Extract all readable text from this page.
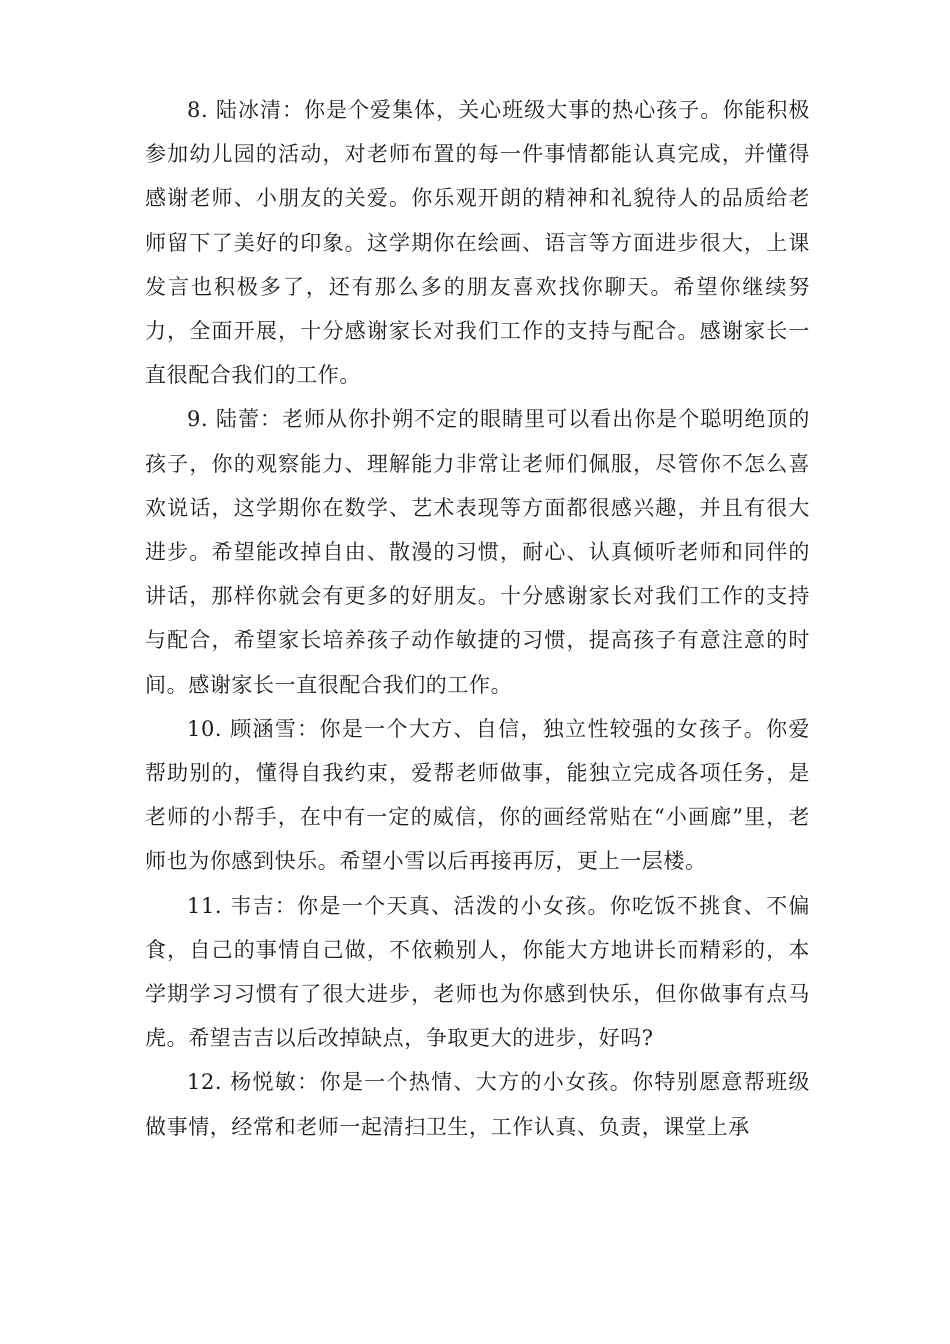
8. 陆冰清：你是个爱集体，关心班级大事的热心孩子。你能积极参加幼儿园的活动，对老师布置的每一件事情都能认真完成，并懂得感谢老师、小朋友的关爱。你乐观开朗的精神和礼貌待人的品质给老师留下了美好的印象。这学期你在绘画、语言等方面进步很大，上课发言也积极多了，还有那么多的朋友喜欢找你聊天。希望你继续努力，全面开展，十分感谢家长对我们工作的支持与配合。感谢家长一直很配合我们的工作。

9. 陆蕾：老师从你扑朔不定的眼睛里可以看出你是个聪明绝顶的孩子，你的观察能力、理解能力非常让老师们佩服，尽管你不怎么喜欢说话，这学期你在数学、艺术表现等方面都很感兴趣，并且有很大进步。希望能改掉自由、散漫的习惯，耐心、认真倾听老师和同伴的讲话，那样你就会有更多的好朋友。十分感谢家长对我们工作的支持与配合，希望家长培养孩子动作敏捷的习惯，提高孩子有意注意的时间。感谢家长一直很配合我们的工作。

10. 顾涵雪：你是一个大方、自信，独立性较强的女孩子。你爱帮助别的，懂得自我约束，爱帮老师做事，能独立完成各项任务，是老师的小帮手，在中有一定的威信，你的画经常贴在“小画廊”里，老师也为你感到快乐。希望小雪以后再接再厉，更上一层楼。

11. 韦吉：你是一个天真、活泼的小女孩。你吃饭不挑食、不偏食，自己的事情自己做，不依赖别人，你能大方地讲长而精彩的，本学期学习习惯有了很大进步，老师也为你感到快乐，但你做事有点马虎。希望吉吉以后改掉缺点，争取更大的进步，好吗?

12. 杨悦敏：你是一个热情、大方的小女孩。你特别愿意帮班级做事情，经常和老师一起清扫卫生，工作认真、负责，课堂上承
